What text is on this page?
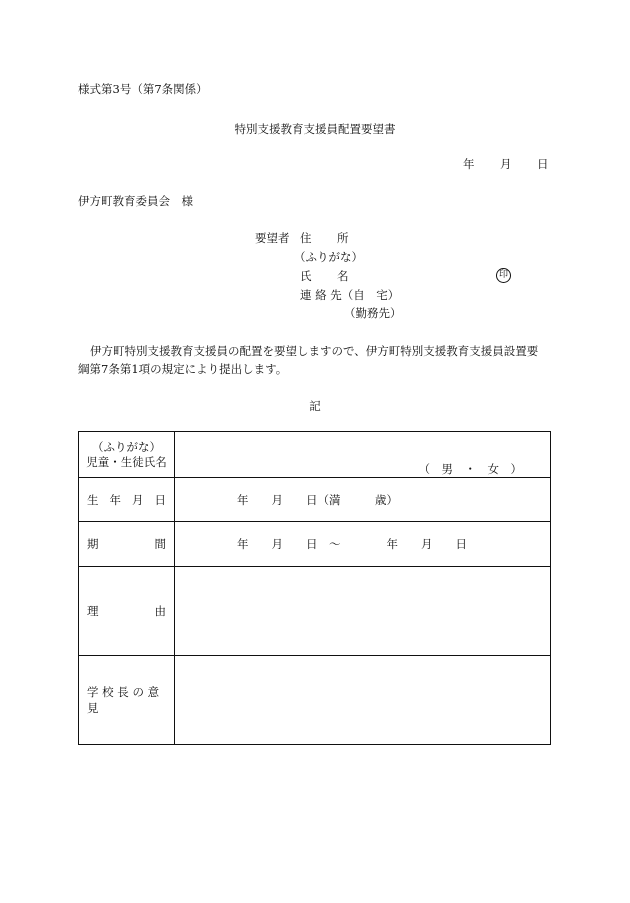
様式第3号（第7条関係）
特別支援教育支援員配置要望書
年 月 日
伊方町教育委員会　 様
要望者 住 所
（ふりがな）
氏 名	印
連 絡 先（自　宅）
（勤務先）
伊方町特別支援教育支援員の配置を要望しますので、伊方町特別支援教育支援員設置要
綱第7条第1項の規定により提出します。
記
（ふりがな）
児童・生徒氏名	（　男　・　女　）

生 年 月 日	年　　月　　日（満　　　歳）

期 間	年　　月　　日　〜　　　　年　　月　　日

理 由	

学 校 長 の 意 見	
